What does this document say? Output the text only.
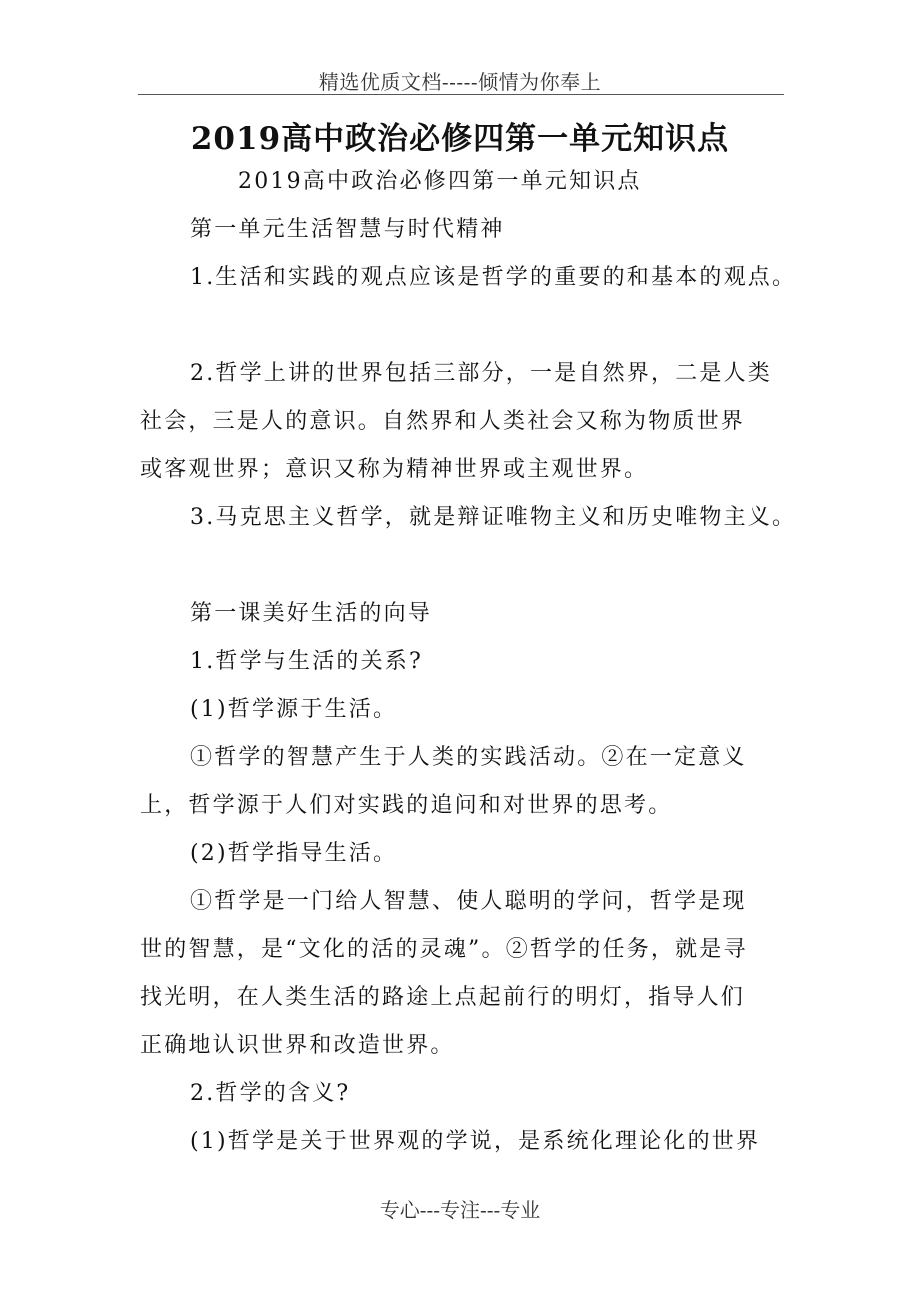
精选优质文档-----倾情为你奉上
2019高中政治必修四第一单元知识点
2019高中政治必修四第一单元知识点
第一单元生活智慧与时代精神
1.生活和实践的观点应该是哲学的重要的和基本的观点。
2.哲学上讲的世界包括三部分，一是自然界，二是人类
社会，三是人的意识。自然界和人类社会又称为物质世界
或客观世界；意识又称为精神世界或主观世界。
3.马克思主义哲学，就是辩证唯物主义和历史唯物主义。
第一课美好生活的向导
1.哲学与生活的关系?
(1)哲学源于生活。
①哲学的智慧产生于人类的实践活动。②在一定意义
上，哲学源于人们对实践的追问和对世界的思考。
(2)哲学指导生活。
①哲学是一门给人智慧、使人聪明的学问，哲学是现
世的智慧，是“文化的活的灵魂”。②哲学的任务，就是寻
找光明，在人类生活的路途上点起前行的明灯，指导人们
正确地认识世界和改造世界。
2.哲学的含义?
(1)哲学是关于世界观的学说，是系统化理论化的世界
专心---专注---专业
